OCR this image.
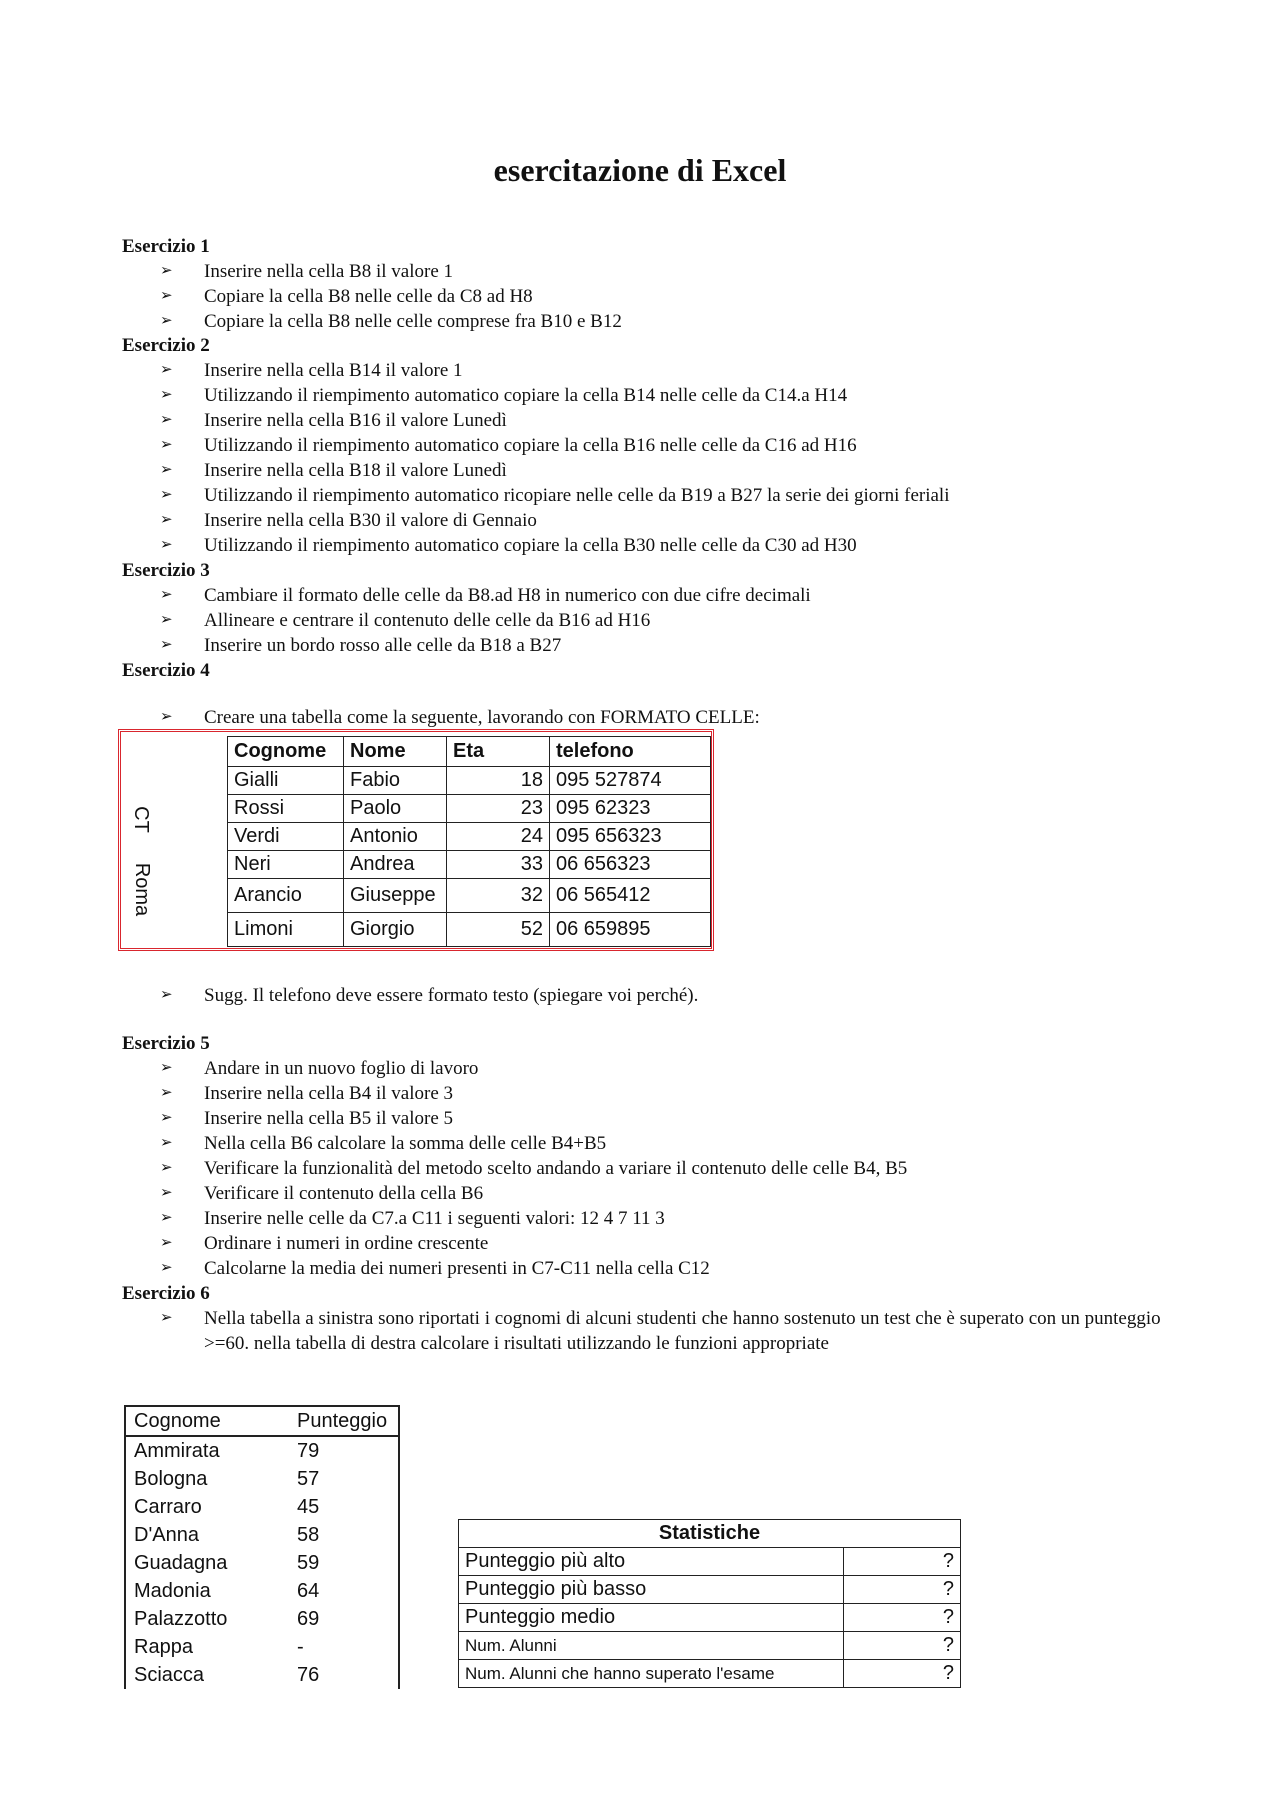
esercitazione di Excel
Esercizio 1
➢ Inserire nella cella B8 il valore 1
➢ Copiare la cella B8 nelle celle da C8 ad H8
➢ Copiare la cella B8 nelle celle comprese fra B10 e B12
Esercizio 2
➢ Inserire nella cella B14 il valore 1
➢ Utilizzando il riempimento automatico copiare la cella B14 nelle celle da C14.a H14
➢ Inserire nella cella B16 il valore Lunedì
➢ Utilizzando il riempimento automatico copiare la cella B16 nelle celle da C16 ad H16
➢ Inserire nella cella B18 il valore Lunedì
➢ Utilizzando il riempimento automatico ricopiare nelle celle da B19 a B27 la serie dei giorni feriali
➢ Inserire nella cella B30 il valore di Gennaio
➢ Utilizzando il riempimento automatico copiare la cella B30 nelle celle da C30 ad H30
Esercizio 3
➢ Cambiare il formato delle celle da B8.ad H8 in numerico con due cifre decimali
➢ Allineare e centrare il contenuto delle celle da B16 ad H16
➢ Inserire un bordo rosso alle celle da B18 a B27
Esercizio 4
➢ Creare una tabella come la seguente, lavorando con FORMATO CELLE:
CT
Roma
Cognome	Nome	Eta	telefono
Gialli	Fabio	18	095 527874
Rossi	Paolo	23	095 62323
Verdi	Antonio	24	095 656323
Neri	Andrea	33	06 656323
Arancio	Giuseppe	32	06 565412
Limoni	Giorgio	52	06 659895
➢ Sugg. Il telefono deve essere formato testo (spiegare voi perché).
Esercizio 5
➢ Andare in un nuovo foglio di lavoro
➢ Inserire nella cella B4 il valore 3
➢ Inserire nella cella B5 il valore 5
➢ Nella cella B6 calcolare la somma delle celle B4+B5
➢ Verificare la funzionalità del metodo scelto andando a variare il contenuto delle celle B4, B5
➢ Verificare il contenuto della cella B6
➢ Inserire nelle celle da C7.a C11 i seguenti valori: 12 4 7 11 3
➢ Ordinare i numeri in ordine crescente
➢ Calcolarne la media dei numeri presenti in C7-C11 nella cella C12
Esercizio 6
➢ Nella tabella a sinistra sono riportati i cognomi di alcuni studenti che hanno sostenuto un test che è superato con un punteggio >=60. nella tabella di destra calcolare i risultati utilizzando le funzioni appropriate
Cognome	Punteggio
Ammirata	79
Bologna	57
Carraro	45
D'Anna	58
Guadagna	59
Madonia	64
Palazzotto	69
Rappa	-
Sciacca	76
Statistiche	
Punteggio più alto	?
Punteggio più basso	?
Punteggio medio	?
Num. Alunni	?
Num. Alunni che hanno superato l'esame	?
